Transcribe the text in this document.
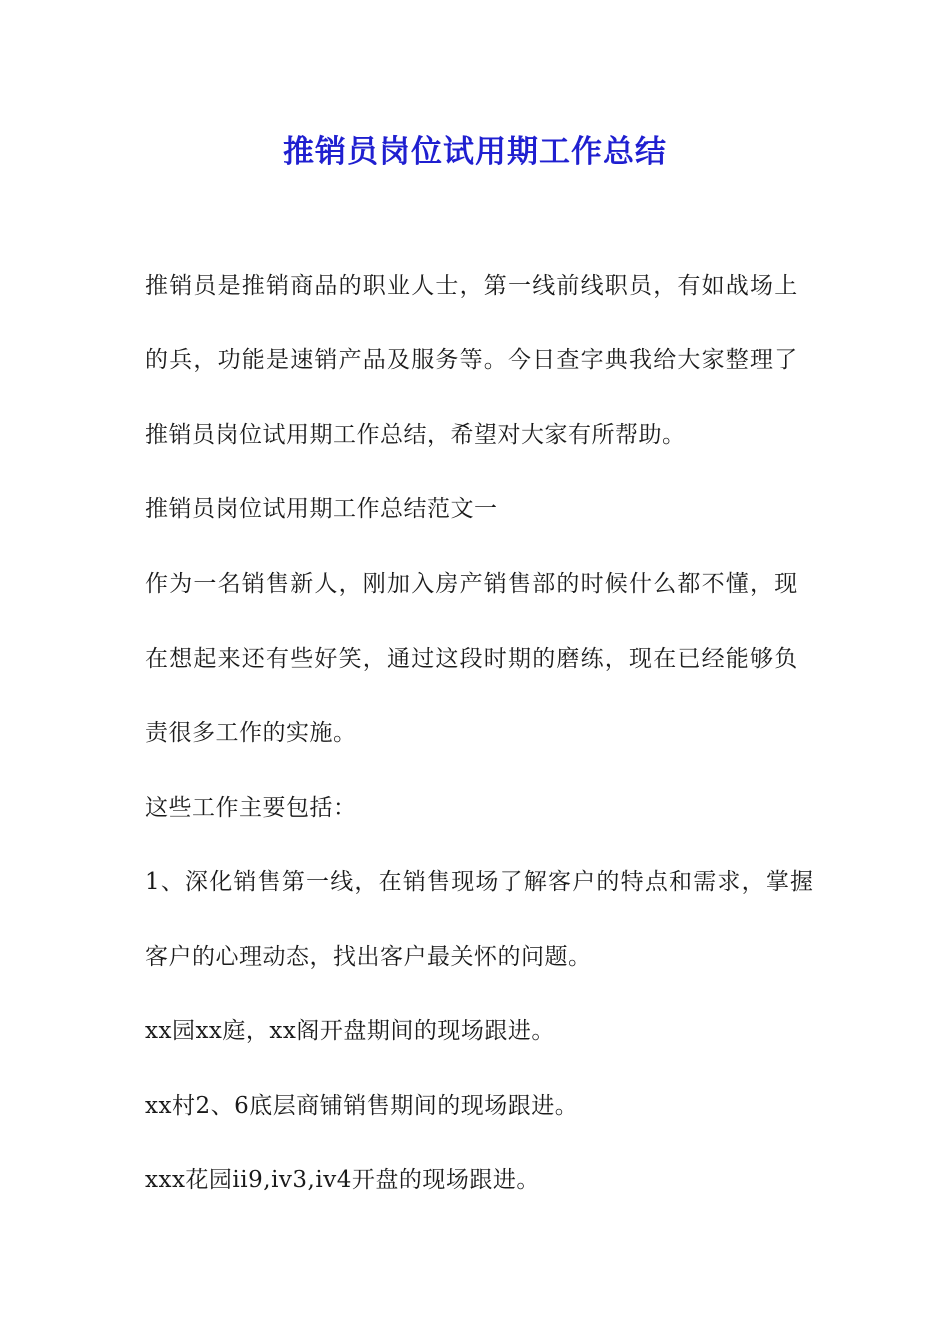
推销员岗位试用期工作总结
推销员是推销商品的职业人士，第一线前线职员，有如战场上
的兵，功能是速销产品及服务等。今日查字典我给大家整理了
推销员岗位试用期工作总结，希望对大家有所帮助。
推销员岗位试用期工作总结范文一
作为一名销售新人，刚加入房产销售部的时候什么都不懂，现
在想起来还有些好笑，通过这段时期的磨练，现在已经能够负
责很多工作的实施。
这些工作主要包括：
1、深化销售第一线，在销售现场了解客户的特点和需求，掌握
客户的心理动态，找出客户最关怀的问题。
xx园xx庭，xx阁开盘期间的现场跟进。
xx村2、6底层商铺销售期间的现场跟进。
xxx花园ii9,iv3,iv4开盘的现场跟进。
